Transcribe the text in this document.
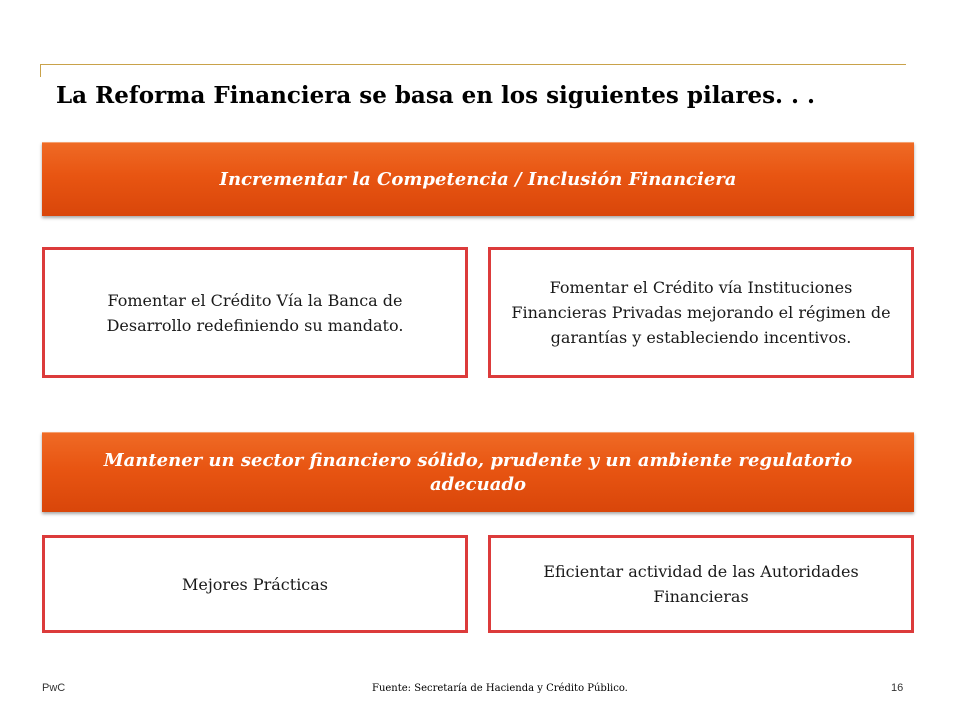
La Reforma Financiera se basa en los siguientes pilares. . .
Incrementar la Competencia / Inclusión Financiera
Fomentar el Crédito Vía la Banca de Desarrollo redefiniendo su mandato.
Fomentar el Crédito vía Instituciones Financieras Privadas mejorando el régimen de garantías y estableciendo incentivos.
Mantener un sector financiero sólido, prudente y un ambiente regulatorio adecuado
Mejores Prácticas
Eficientar actividad de las Autoridades Financieras
PwC	Fuente: Secretaría de Hacienda y Crédito Público.	16
